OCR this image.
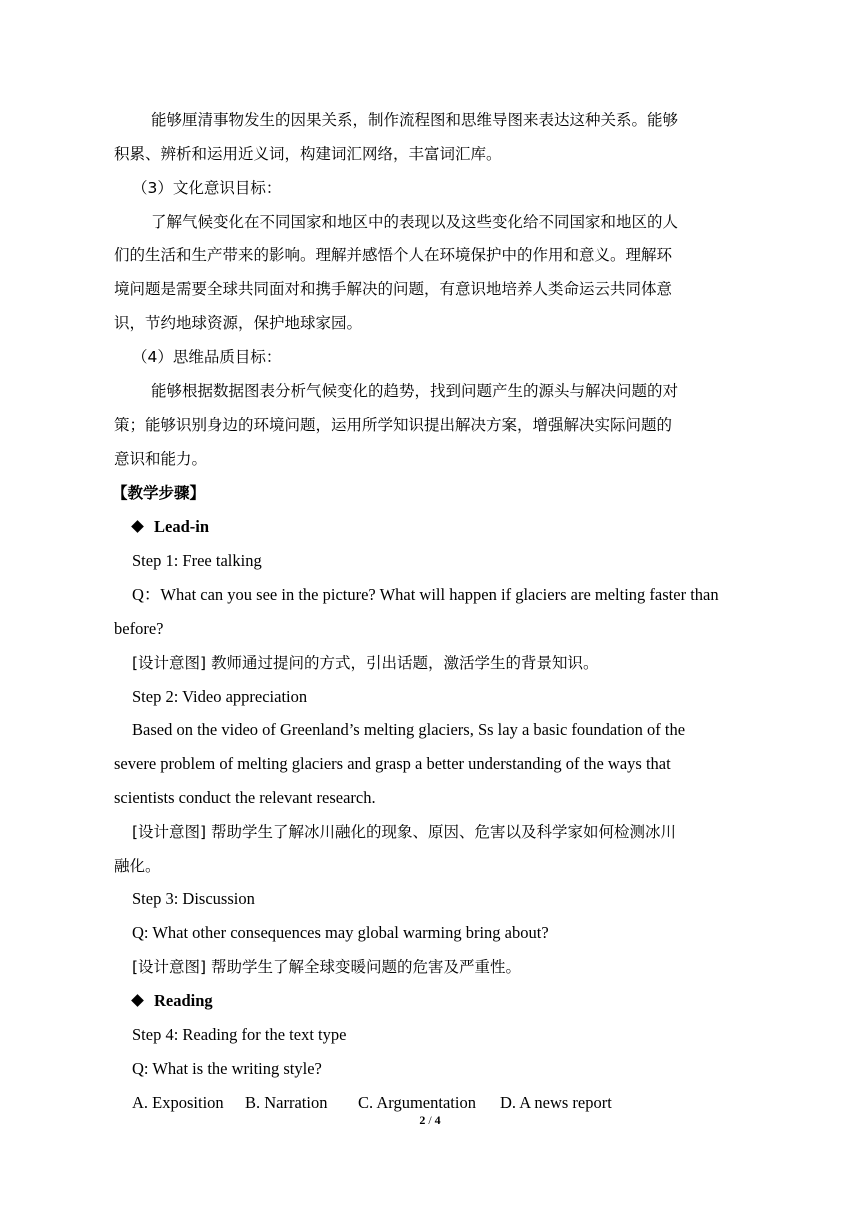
能够厘清事物发生的因果关系，制作流程图和思维导图来表达这种关系。能够
积累、辨析和运用近义词，构建词汇网络，丰富词汇库。
（3）文化意识目标：
了解气候变化在不同国家和地区中的表现以及这些变化给不同国家和地区的人
们的生活和生产带来的影响。理解并感悟个人在环境保护中的作用和意义。理解环
境问题是需要全球共同面对和携手解决的问题，有意识地培养人类命运云共同体意
识，节约地球资源，保护地球家园。
（4）思维品质目标：
能够根据数据图表分析气候变化的趋势，找到问题产生的源头与解决问题的对
策；能够识别身边的环境问题，运用所学知识提出解决方案，增强解决实际问题的
意识和能力。
【教学步骤】
Lead-in
Step 1: Free talking
Q：What can you see in the picture? What will happen if glaciers are melting faster than
before?
[设计意图] 教师通过提问的方式，引出话题，激活学生的背景知识。
Step 2: Video appreciation
Based on the video of Greenland’s melting glaciers, Ss lay a basic foundation of the
severe problem of melting glaciers and grasp a better understanding of the ways that
scientists conduct the relevant research.
[设计意图] 帮助学生了解冰川融化的现象、原因、危害以及科学家如何检测冰川
融化。
Step 3: Discussion
Q: What other consequences may global warming bring about?
[设计意图] 帮助学生了解全球变暖问题的危害及严重性。
Reading
Step 4: Reading for the text type
Q: What is the writing style?
A. Exposition B. Narration C. Argumentation D. A news report
2 / 4
